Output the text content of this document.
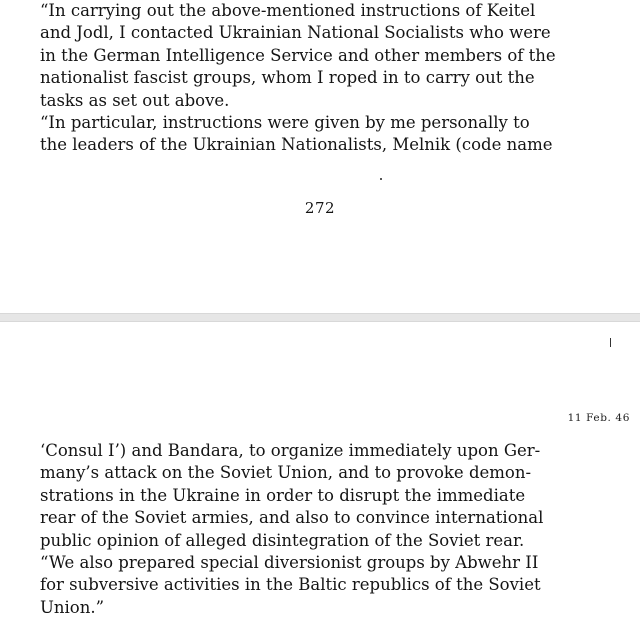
“In carrying out the above-mentioned instructions of Keitel
and Jodl, I contacted Ukrainian National Socialists who were
in the German Intelligence Service and other members of the
nationalist fascist groups, whom I roped in to carry out the
tasks as set out above.

“In particular, instructions were given by me personally to
the leaders of the Ukrainian Nationalists, Melnik (code name

272
11 Feb. 46

‘Consul I’) and Bandara, to organize immediately upon Ger-
many’s attack on the Soviet Union, and to provoke demon-
strations in the Ukraine in order to disrupt the immediate
rear of the Soviet armies, and also to convince international
public opinion of alleged disintegration of the Soviet rear.

“We also prepared special diversionist groups by Abwehr II
for subversive activities in the Baltic republics of the Soviet
Union.”
